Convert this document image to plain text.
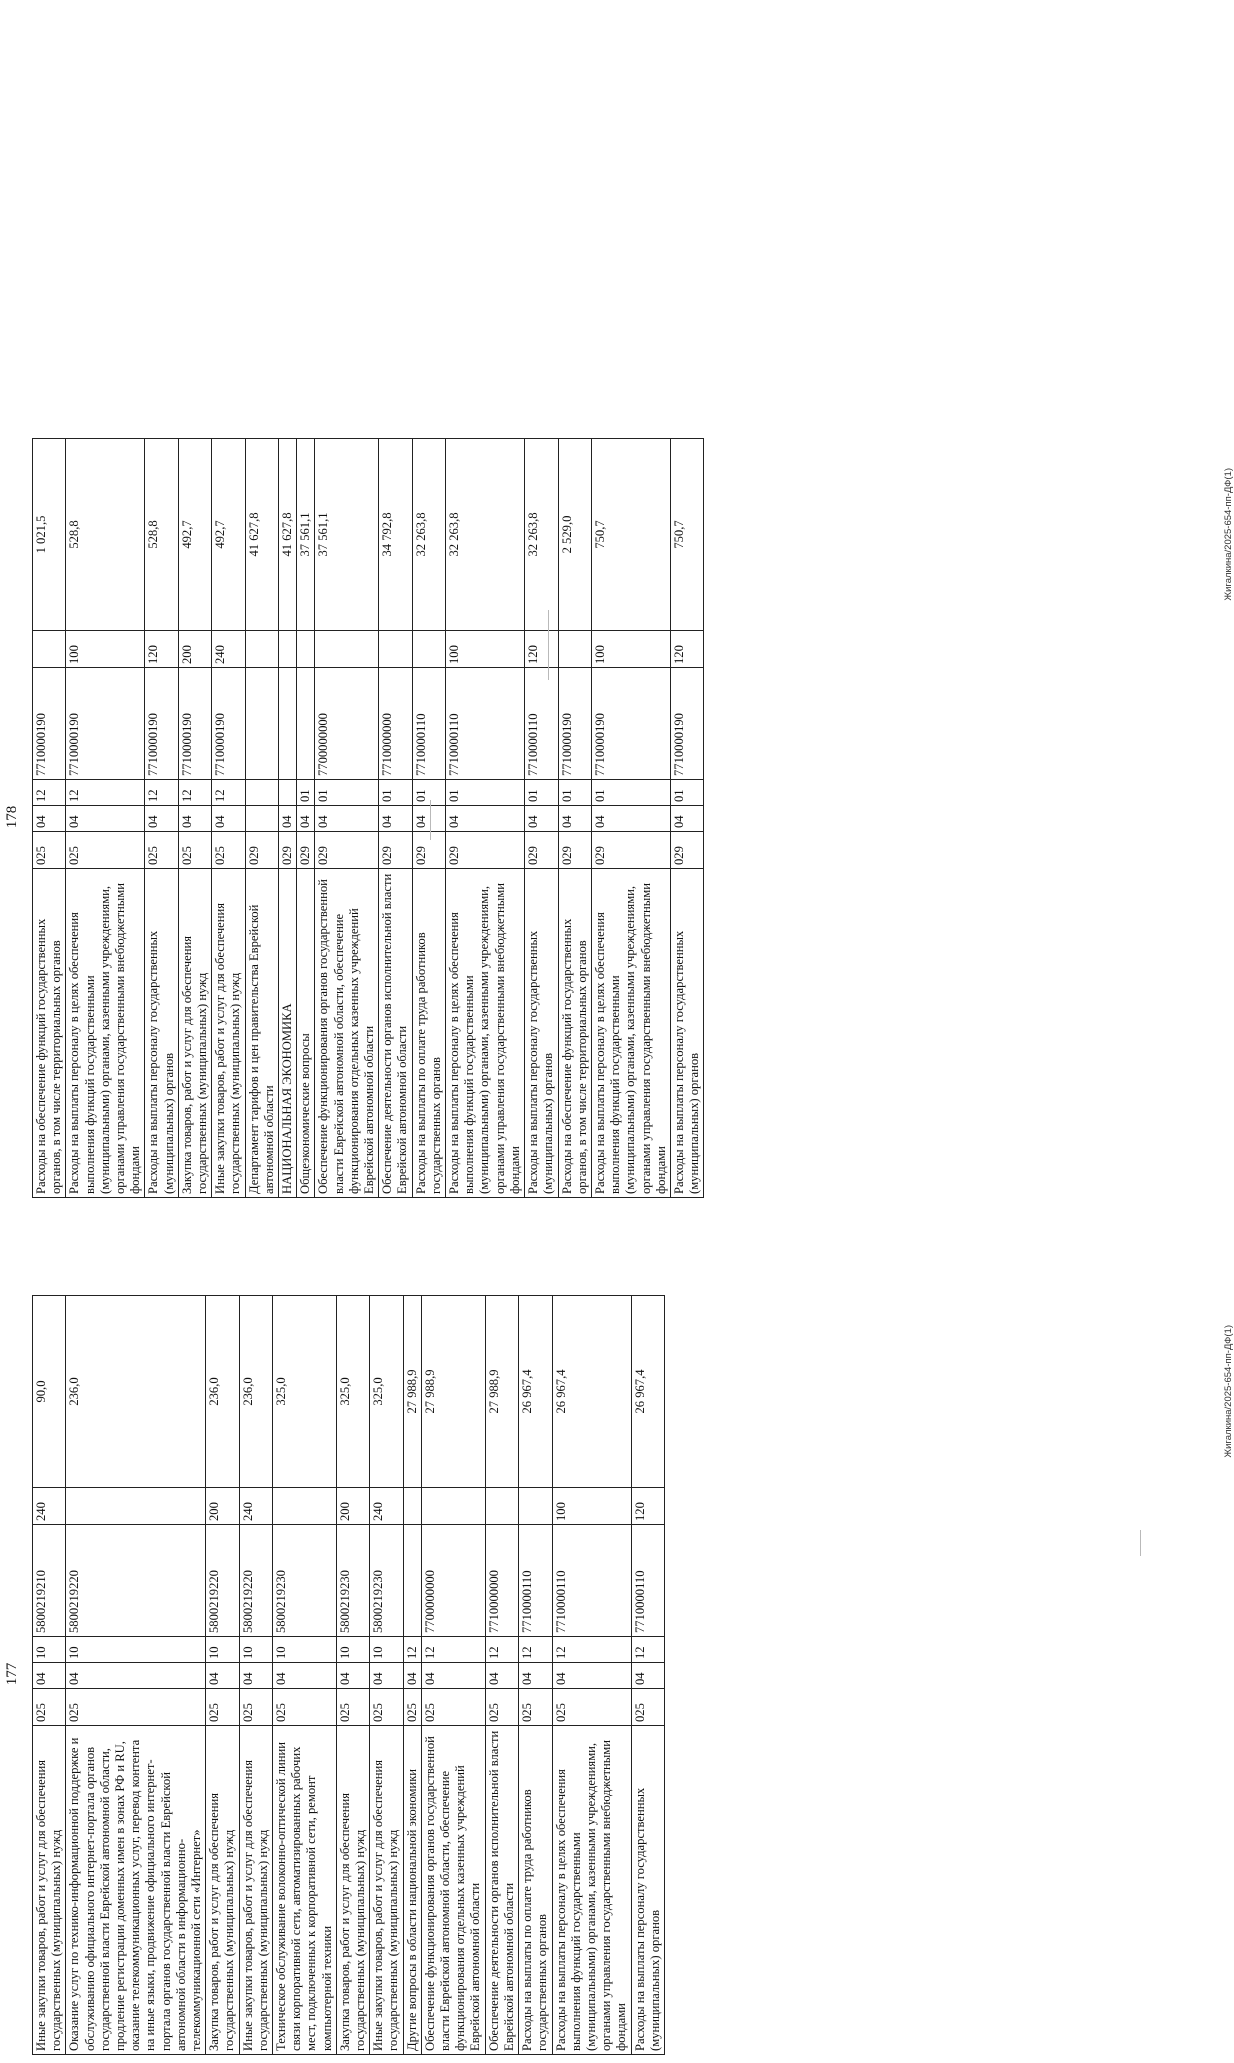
177
Иные закупки товаров, работ и услуг для обеспечения государственных (муниципальных) нужд	025	04	10	5800219210	240	90,0
Оказание услуг по технико-информационной поддержке и обслуживанию официального интернет-портала органов государственной власти Еврейской автономной области, продление регистрации доменных имен в зонах РФ и RU, оказание телекоммуникационных услуг, перевод контента на иные языки, продвижение официального интернет-портала органов государственной власти Еврейской автономной области в информационно-телекоммуникационной сети «Интернет»	025	04	10	5800219220		236,0
Закупка товаров, работ и услуг для обеспечения государственных (муниципальных) нужд	025	04	10	5800219220	200	236,0
Иные закупки товаров, работ и услуг для обеспечения государственных (муниципальных) нужд	025	04	10	5800219220	240	236,0
Техническое обслуживание волоконно-оптической линии связи корпоративной сети, автоматизированных рабочих мест, подключенных к корпоративной сети, ремонт компьютерной техники	025	04	10	5800219230		325,0
Закупка товаров, работ и услуг для обеспечения государственных (муниципальных) нужд	025	04	10	5800219230	200	325,0
Иные закупки товаров, работ и услуг для обеспечения государственных (муниципальных) нужд	025	04	10	5800219230	240	325,0
Другие вопросы в области национальной экономики	025	04	12			27 988,9
Обеспечение функционирования органов государственной власти Еврейской автономной области, обеспечение функционирования отдельных казенных учреждений Еврейской автономной области	025	04	12	7700000000		27 988,9
Обеспечение деятельности органов исполнительной власти Еврейской автономной области	025	04	12	7710000000		27 988,9
Расходы на выплаты по оплате труда работников государственных органов	025	04	12	7710000110		26 967,4
Расходы на выплаты персоналу в целях обеспечения выполнения функций государственными (муниципальными) органами, казенными учреждениями, органами управления государственными внебюджетными фондами	025	04	12	7710000110	100	26 967,4
Расходы на выплаты персоналу государственных (муниципальных) органов	025	04	12	7710000110	120	26 967,4	Жигалкина/2025-654-пп-ДФ(1)
178
Расходы на обеспечение функций государственных органов, в том числе территориальных органов	025	04	12	7710000190		1 021,5
Расходы на выплаты персоналу в целях обеспечения выполнения функций государственными (муниципальными) органами, казенными учреждениями, органами управления государственными внебюджетными фондами	025	04	12	7710000190	100	528,8
Расходы на выплаты персоналу государственных (муниципальных) органов	025	04	12	7710000190	120	528,8
Закупка товаров, работ и услуг для обеспечения государственных (муниципальных) нужд	025	04	12	7710000190	200	492,7
Иные закупки товаров, работ и услуг для обеспечения государственных (муниципальных) нужд	025	04	12	7710000190	240	492,7
Департамент тарифов и цен правительства Еврейской автономной области	029					41 627,8
НАЦИОНАЛЬНАЯ ЭКОНОМИКА	029	04				41 627,8
Общеэкономические вопросы	029	04	01			37 561,1
Обеспечение функционирования органов государственной власти Еврейской автономной области, обеспечение функционирования отдельных казенных учреждений Еврейской автономной области	029	04	01	7700000000		37 561,1
Обеспечение деятельности органов исполнительной власти Еврейской автономной области	029	04	01	7710000000		34 792,8
Расходы на выплаты по оплате труда работников государственных органов	029	04	01	7710000110		32 263,8
Расходы на выплаты персоналу в целях обеспечения выполнения функций государственными (муниципальными) органами, казенными учреждениями, органами управления государственными внебюджетными фондами	029	04	01	7710000110	100	32 263,8
Расходы на выплаты персоналу государственных (муниципальных) органов	029	04	01	7710000110	120	32 263,8
Расходы на обеспечение функций государственных органов, в том числе территориальных органов	029	04	01	7710000190		2 529,0
Расходы на выплаты персоналу в целях обеспечения выполнения функций государственными (муниципальными) органами, казенными учреждениями, органами управления государственными внебюджетными фондами	029	04	01	7710000190	100	750,7
Расходы на выплаты персоналу государственных (муниципальных) органов	029	04	01	7710000190	120	750,7	Жигалкина/2025-654-пп-ДФ(1)
